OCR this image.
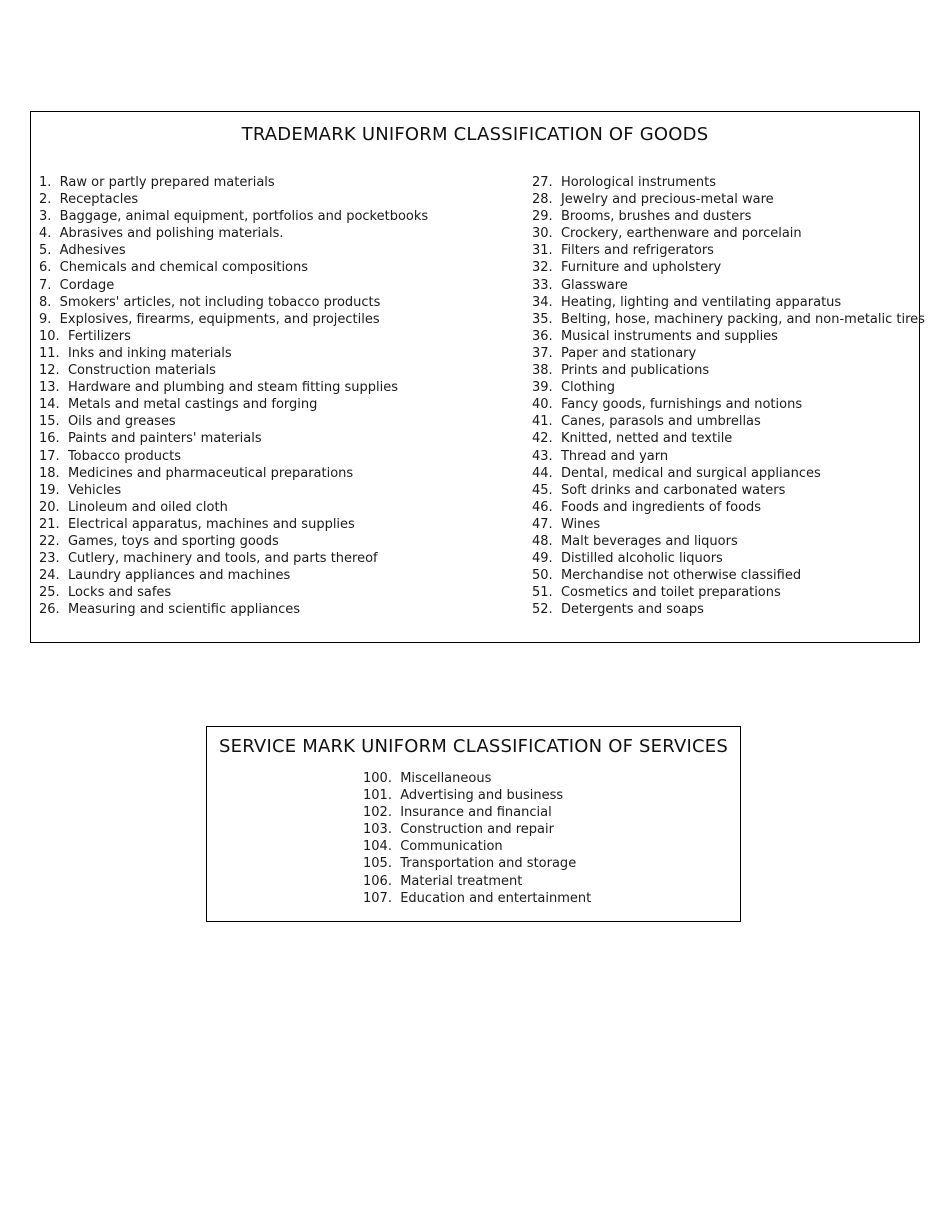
TRADEMARK UNIFORM CLASSIFICATION OF GOODS
1.  Raw or partly prepared materials
2.  Receptacles
3.  Baggage, animal equipment, portfolios and pocketbooks
4.  Abrasives and polishing materials.
5.  Adhesives
6.  Chemicals and chemical compositions
7.  Cordage
8.  Smokers' articles, not including tobacco products
9.  Explosives, firearms, equipments, and projectiles
10.  Fertilizers
11.  Inks and inking materials
12.  Construction materials
13.  Hardware and plumbing and steam fitting supplies
14.  Metals and metal castings and forging
15.  Oils and greases
16.  Paints and painters' materials
17.  Tobacco products
18.  Medicines and pharmaceutical preparations
19.  Vehicles
20.  Linoleum and oiled cloth
21.  Electrical apparatus, machines and supplies
22.  Games, toys and sporting goods
23.  Cutlery, machinery and tools, and parts thereof
24.  Laundry appliances and machines
25.  Locks and safes
26.  Measuring and scientific appliances
27.  Horological instruments
28.  Jewelry and precious-metal ware
29.  Brooms, brushes and dusters
30.  Crockery, earthenware and porcelain
31.  Filters and refrigerators
32.  Furniture and upholstery
33.  Glassware
34.  Heating, lighting and ventilating apparatus
35.  Belting, hose, machinery packing, and non-metalic tires
36.  Musical instruments and supplies
37.  Paper and stationary
38.  Prints and publications
39.  Clothing
40.  Fancy goods, furnishings and notions
41.  Canes, parasols and umbrellas
42.  Knitted, netted and textile
43.  Thread and yarn
44.  Dental, medical and surgical appliances
45.  Soft drinks and carbonated waters
46.  Foods and ingredients of foods
47.  Wines
48.  Malt beverages and liquors
49.  Distilled alcoholic liquors
50.  Merchandise not otherwise classified
51.  Cosmetics and toilet preparations
52.  Detergents and soaps
SERVICE MARK UNIFORM CLASSIFICATION OF SERVICES
100.  Miscellaneous
101.  Advertising and business
102.  Insurance and financial
103.  Construction and repair
104.  Communication
105.  Transportation and storage
106.  Material treatment
107.  Education and entertainment
